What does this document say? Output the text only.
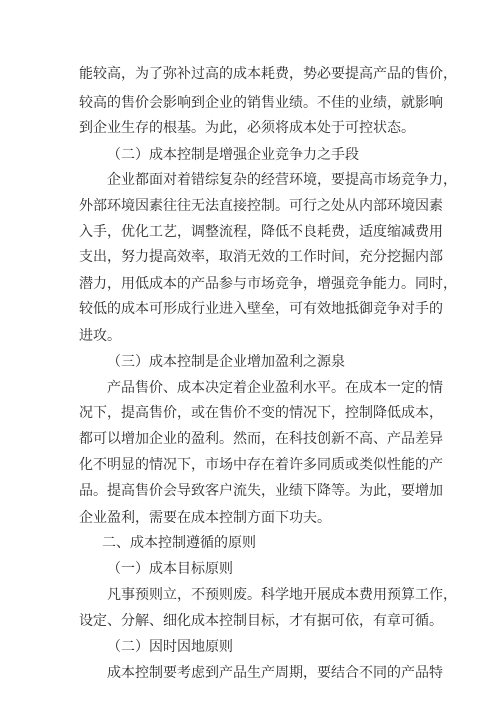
能较高，为了弥补过高的成本耗费，势必要提高产品的售价，
较高的售价会影响到企业的销售业绩。不佳的业绩，就影响
到企业生存的根基。为此，必须将成本处于可控状态。
（二）成本控制是增强企业竞争力之手段
企业都面对着错综复杂的经营环境，要提高市场竞争力，
外部环境因素往往无法直接控制。可行之处从内部环境因素
入手，优化工艺，调整流程，降低不良耗费，适度缩减费用
支出，努力提高效率，取消无效的工作时间，充分挖掘内部
潜力，用低成本的产品参与市场竞争，增强竞争能力。同时，
较低的成本可形成行业进入壁垒，可有效地抵御竞争对手的
进攻。
（三）成本控制是企业增加盈利之源泉
产品售价、成本决定着企业盈利水平。在成本一定的情
况下，提高售价，或在售价不变的情况下，控制降低成本，
都可以增加企业的盈利。然而，在科技创新不高、产品差异
化不明显的情况下，市场中存在着许多同质或类似性能的产
品。提高售价会导致客户流失，业绩下降等。为此，要增加
企业盈利，需要在成本控制方面下功夫。
二、成本控制遵循的原则
（一）成本目标原则
凡事预则立，不预则废。科学地开展成本费用预算工作，
设定、分解、细化成本控制目标，才有据可依，有章可循。
（二）因时因地原则
成本控制要考虑到产品生产周期，要结合不同的产品特
